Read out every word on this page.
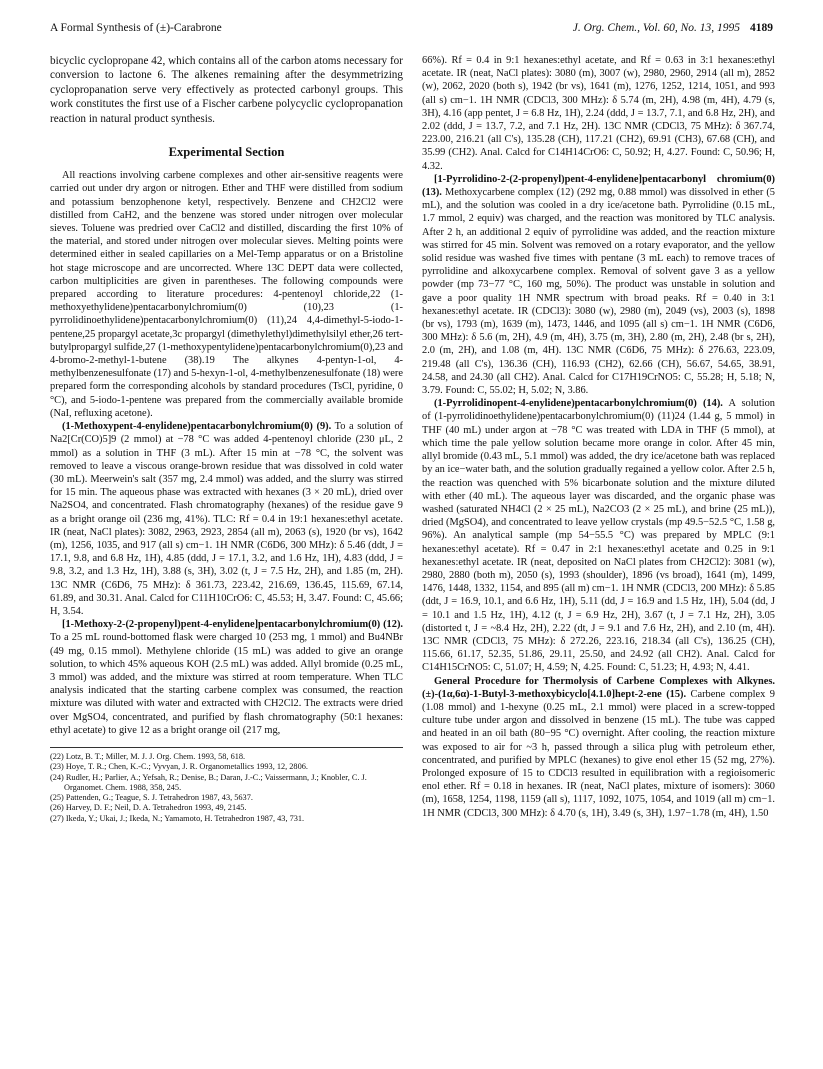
A Formal Synthesis of (±)-Carabrone	J. Org. Chem., Vol. 60, No. 13, 1995 4189

bicyclic cyclopropane 42, which contains all of the carbon atoms necessary for conversion to lactone 6. The alkenes remaining after the desymmetrizing cyclopropanation serve very effectively as protected carbonyl groups. This work constitutes the first use of a Fischer carbene polycyclic cyclopropanation reaction in natural product synthesis.

Experimental Section

All reactions involving carbene complexes and other air-sensitive reagents were carried out under dry argon or nitrogen. Ether and THF were distilled from sodium and potassium benzophenone ketyl, respectively. Benzene and CH2Cl2 were distilled from CaH2, and the benzene was stored under nitrogen over molecular sieves. Toluene was predried over CaCl2 and distilled, discarding the first 10% of the material, and stored under nitrogen over molecular sieves. Melting points were determined either in sealed capillaries on a Mel-Temp apparatus or on a Bristoline hot stage microscope and are uncorrected. Where 13C DEPT data were collected, carbon multiplicities are given in parentheses. The following compounds were prepared according to literature procedures: 4-pentenoyl chloride,22 (1-methoxyethylidene)pentacarbonylchromium(0) (10),23 (1-pyrrolidinoethylidene)pentacarbonylchromium(0) (11),24 4,4-dimethyl-5-iodo-1-pentene,25 propargyl acetate,3c propargyl (dimethylethyl)dimethylsilyl ether,26 tert-butylpropargyl sulfide,27 (1-methoxypentylidene)pentacarbonylchromium(0),23 and 4-bromo-2-methyl-1-butene (38).19 The alkynes 4-pentyn-1-ol, 4-methylbenzenesulfonate (17) and 5-hexyn-1-ol, 4-methylbenzenesulfonate (18) were prepared form the corresponding alcohols by standard procedures (TsCl, pyridine, 0 °C), and 5-iodo-1-pentene was prepared from the commercially available bromide (NaI, refluxing acetone).

(1-Methoxypent-4-enylidene)pentacarbonylchromium(0) (9). To a solution of Na2[Cr(CO)5]9 (2 mmol) at −78 °C was added 4-pentenoyl chloride (230 μL, 2 mmol) as a solution in THF (3 mL). After 15 min at −78 °C, the solvent was removed to leave a viscous orange-brown residue that was dissolved in cold water (30 mL). Meerwein's salt (357 mg, 2.4 mmol) was added, and the slurry was stirred for 15 min. The aqueous phase was extracted with hexanes (3 × 20 mL), dried over Na2SO4, and concentrated. Flash chromatography (hexanes) of the residue gave 9 as a bright orange oil (236 mg, 41%). TLC: Rf = 0.4 in 19:1 hexanes:ethyl acetate. IR (neat, NaCl plates): 3082, 2963, 2923, 2854 (all m), 2063 (s), 1920 (br vs), 1642 (m), 1256, 1035, and 917 (all s) cm−1. 1H NMR (C6D6, 300 MHz): δ 5.46 (ddt, J = 17.1, 9.8, and 6.8 Hz, 1H), 4.85 (ddd, J = 17.1, 3.2, and 1.6 Hz, 1H), 4.83 (ddd, J = 9.8, 3.2, and 1.3 Hz, 1H), 3.88 (s, 3H), 3.02 (t, J = 7.5 Hz, 2H), and 1.85 (m, 2H). 13C NMR (C6D6, 75 MHz): δ 361.73, 223.42, 216.69, 136.45, 115.69, 67.14, 61.89, and 30.31. Anal. Calcd for C11H10CrO6: C, 45.53; H, 3.47. Found: C, 45.66; H, 3.54.

[1-Methoxy-2-(2-propenyl)pent-4-enylidene]pentacarbonylchromium(0) (12). To a 25 mL round-bottomed flask were charged 10 (253 mg, 1 mmol) and Bu4NBr (49 mg, 0.15 mmol). Methylene chloride (15 mL) was added to give an orange solution, to which 45% aqueous KOH (2.5 mL) was added. Allyl bromide (0.25 mL, 3 mmol) was added, and the mixture was stirred at room temperature. When TLC analysis indicated that the starting carbene complex was consumed, the reaction mixture was diluted with water and extracted with CH2Cl2. The extracts were dried over MgSO4, concentrated, and purified by flash chromatography (50:1 hexanes: ethyl acetate) to give 12 as a bright orange oil (217 mg,

(22) Lotz, B. T.; Miller, M. J. J. Org. Chem. 1993, 58, 618.
(23) Hoye, T. R.; Chen, K.-C.; Vyvyan, J. R. Organometallics 1993, 12, 2806.
(24) Rudler, H.; Parlier, A.; Yefsah, R.; Denise, B.; Daran, J.-C.; Vaissermann, J.; Knobler, C. J. Organomet. Chem. 1988, 358, 245.
(25) Pattenden, G.; Teague, S. J. Tetrahedron 1987, 43, 5637.
(26) Harvey, D. F.; Neil, D. A. Tetrahedron 1993, 49, 2145.
(27) Ikeda, Y.; Ukai, J.; Ikeda, N.; Yamamoto, H. Tetrahedron 1987, 43, 731.

66%). Rf = 0.4 in 9:1 hexanes:ethyl acetate, and Rf = 0.63 in 3:1 hexanes:ethyl acetate. IR (neat, NaCl plates): 3080 (m), 3007 (w), 2980, 2960, 2914 (all m), 2852 (w), 2062, 2020 (both s), 1942 (br vs), 1641 (m), 1276, 1252, 1214, 1051, and 993 (all s) cm−1. 1H NMR (CDCl3, 300 MHz): δ 5.74 (m, 2H), 4.98 (m, 4H), 4.79 (s, 3H), 4.16 (app pentet, J = 6.8 Hz, 1H), 2.24 (ddd, J = 13.7, 7.1, and 6.8 Hz, 2H), and 2.02 (ddd, J = 13.7, 7.2, and 7.1 Hz, 2H). 13C NMR (CDCl3, 75 MHz): δ 367.74, 223.00, 216.21 (all C's), 135.28 (CH), 117.21 (CH2), 69.91 (CH3), 67.68 (CH), and 35.99 (CH2). Anal. Calcd for C14H14CrO6: C, 50.92; H, 4.27. Found: C, 50.96; H, 4.32.

[1-Pyrrolidino-2-(2-propenyl)pent-4-enylidene]pentacarbonyl chromium(0) (13). Methoxycarbene complex (12) (292 mg, 0.88 mmol) was dissolved in ether (5 mL), and the solution was cooled in a dry ice/acetone bath. Pyrrolidine (0.15 mL, 1.7 mmol, 2 equiv) was charged, and the reaction was monitored by TLC analysis. After 2 h, an additional 2 equiv of pyrrolidine was added, and the reaction mixture was stirred for 45 min. Solvent was removed on a rotary evaporator, and the yellow solid residue was washed five times with pentane (3 mL each) to remove traces of pyrrolidine and alkoxycarbene complex. Removal of solvent gave 3 as a yellow powder (mp 73−77 °C, 160 mg, 50%). The product was unstable in solution and gave a poor quality 1H NMR spectrum with broad peaks. Rf = 0.40 in 3:1 hexanes:ethyl acetate. IR (CDCl3): 3080 (w), 2980 (m), 2049 (vs), 2003 (s), 1898 (br vs), 1793 (m), 1639 (m), 1473, 1446, and 1095 (all s) cm−1. 1H NMR (C6D6, 300 MHz): δ 5.6 (m, 2H), 4.9 (m, 4H), 3.75 (m, 3H), 2.80 (m, 2H), 2.48 (br s, 2H), 2.0 (m, 2H), and 1.08 (m, 4H). 13C NMR (C6D6, 75 MHz): δ 276.63, 223.09, 219.48 (all C's), 136.36 (CH), 116.93 (CH2), 62.66 (CH), 56.67, 54.65, 38.91, 24.58, and 24.30 (all CH2). Anal. Calcd for C17H19CrNO5: C, 55.28; H, 5.18; N, 3.79. Found: C, 55.02; H, 5.02; N, 3.86.

(1-Pyrrolidinopent-4-enylidene)pentacarbonylchromium(0) (14). A solution of (1-pyrrolidinoethylidene)pentacarbonylchromium(0) (11)24 (1.44 g, 5 mmol) in THF (40 mL) under argon at −78 °C was treated with LDA in THF (5 mmol), at which time the pale yellow solution became more orange in color. After 45 min, allyl bromide (0.43 mL, 5.1 mmol) was added, the dry ice/acetone bath was replaced by an ice−water bath, and the solution gradually regained a yellow color. After 2.5 h, the reaction was quenched with 5% bicarbonate solution and the mixture diluted with ether (40 mL). The aqueous layer was discarded, and the organic phase was washed (saturated NH4Cl (2 × 25 mL), Na2CO3 (2 × 25 mL), and brine (25 mL)), dried (MgSO4), and concentrated to leave yellow crystals (mp 49.5−52.5 °C, 1.58 g, 96%). An analytical sample (mp 54−55.5 °C) was prepared by MPLC (9:1 hexanes:ethyl acetate). Rf = 0.47 in 2:1 hexanes:ethyl acetate and 0.25 in 9:1 hexanes:ethyl acetate. IR (neat, deposited on NaCl plates from CH2Cl2): 3081 (w), 2980, 2880 (both m), 2050 (s), 1993 (shoulder), 1896 (vs broad), 1641 (m), 1499, 1476, 1448, 1332, 1154, and 895 (all m) cm−1. 1H NMR (CDCl3, 200 MHz): δ 5.85 (ddt, J = 16.9, 10.1, and 6.6 Hz, 1H), 5.11 (dd, J = 16.9 and 1.5 Hz, 1H), 5.04 (dd, J = 10.1 and 1.5 Hz, 1H), 4.12 (t, J = 6.9 Hz, 2H), 3.67 (t, J = 7.1 Hz, 2H), 3.05 (distorted t, J = ~8.4 Hz, 2H), 2.22 (dt, J = 9.1 and 7.6 Hz, 2H), and 2.10 (m, 4H). 13C NMR (CDCl3, 75 MHz): δ 272.26, 223.16, 218.34 (all C's), 136.25 (CH), 115.66, 61.17, 52.35, 51.86, 29.11, 25.50, and 24.92 (all CH2). Anal. Calcd for C14H15CrNO5: C, 51.07; H, 4.59; N, 4.25. Found: C, 51.23; H, 4.93; N, 4.41.

General Procedure for Thermolysis of Carbene Complexes with Alkynes. (±)-(1α,6α)-1-Butyl-3-methoxybicyclo[4.1.0]hept-2-ene (15). Carbene complex 9 (1.08 mmol) and 1-hexyne (0.25 mL, 2.1 mmol) were placed in a screw-topped culture tube under argon and dissolved in benzene (15 mL). The tube was capped and heated in an oil bath (80−95 °C) overnight. After cooling, the reaction mixture was exposed to air for ~3 h, passed through a silica plug with petroleum ether, concentrated, and purified by MPLC (hexanes) to give enol ether 15 (52 mg, 27%). Prolonged exposure of 15 to CDCl3 resulted in equilibration with a regioisomeric enol ether. Rf = 0.18 in hexanes. IR (neat, NaCl plates, mixture of isomers): 3060 (m), 1658, 1254, 1198, 1159 (all s), 1117, 1092, 1075, 1054, and 1019 (all m) cm−1. 1H NMR (CDCl3, 300 MHz): δ 4.70 (s, 1H), 3.49 (s, 3H), 1.97−1.78 (m, 4H), 1.50
